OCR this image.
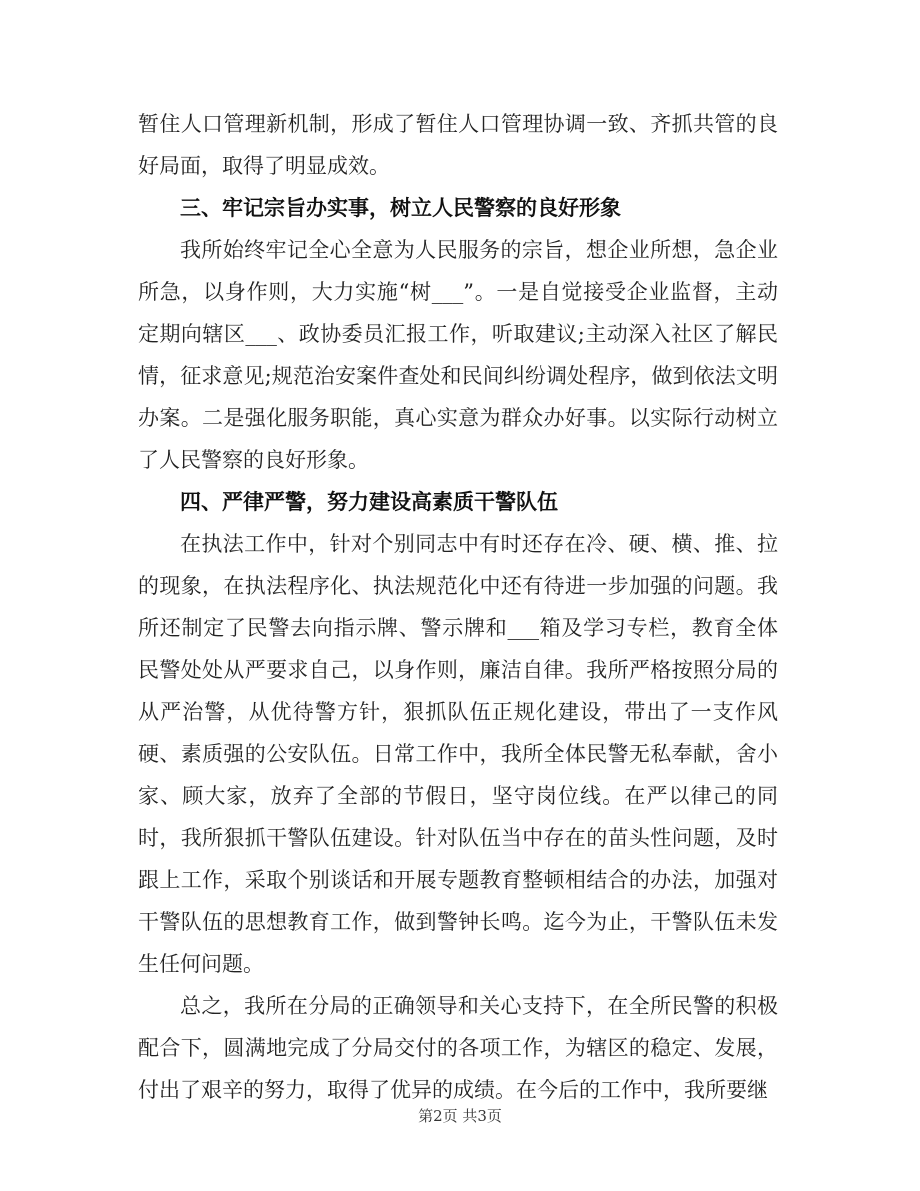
暂住人口管理新机制，形成了暂住人口管理协调一致、齐抓共管的良好局面，取得了明显成效。

三、牢记宗旨办实事，树立人民警察的良好形象

我所始终牢记全心全意为人民服务的宗旨，想企业所想，急企业所急，以身作则，大力实施“树___”。一是自觉接受企业监督，主动定期向辖区___、政协委员汇报工作，听取建议;主动深入社区了解民情，征求意见;规范治安案件查处和民间纠纷调处程序，做到依法文明办案。二是强化服务职能，真心实意为群众办好事。以实际行动树立了人民警察的良好形象。

四、严律严警，努力建设高素质干警队伍

在执法工作中，针对个别同志中有时还存在冷、硬、横、推、拉的现象，在执法程序化、执法规范化中还有待进一步加强的问题。我所还制定了民警去向指示牌、警示牌和___箱及学习专栏，教育全体民警处处从严要求自己，以身作则，廉洁自律。我所严格按照分局的从严治警，从优待警方针，狠抓队伍正规化建设，带出了一支作风硬、素质强的公安队伍。日常工作中，我所全体民警无私奉献，舍小家、顾大家，放弃了全部的节假日，坚守岗位线。在严以律己的同时，我所狠抓干警队伍建设。针对队伍当中存在的苗头性问题，及时跟上工作，采取个别谈话和开展专题教育整顿相结合的办法，加强对干警队伍的思想教育工作，做到警钟长鸣。迄今为止，干警队伍未发生任何问题。

总之，我所在分局的正确领导和关心支持下，在全所民警的积极配合下，圆满地完成了分局交付的各项工作，为辖区的稳定、发展，付出了艰辛的努力，取得了优异的成绩。在今后的工作中，我所要继

第2页 共3页
